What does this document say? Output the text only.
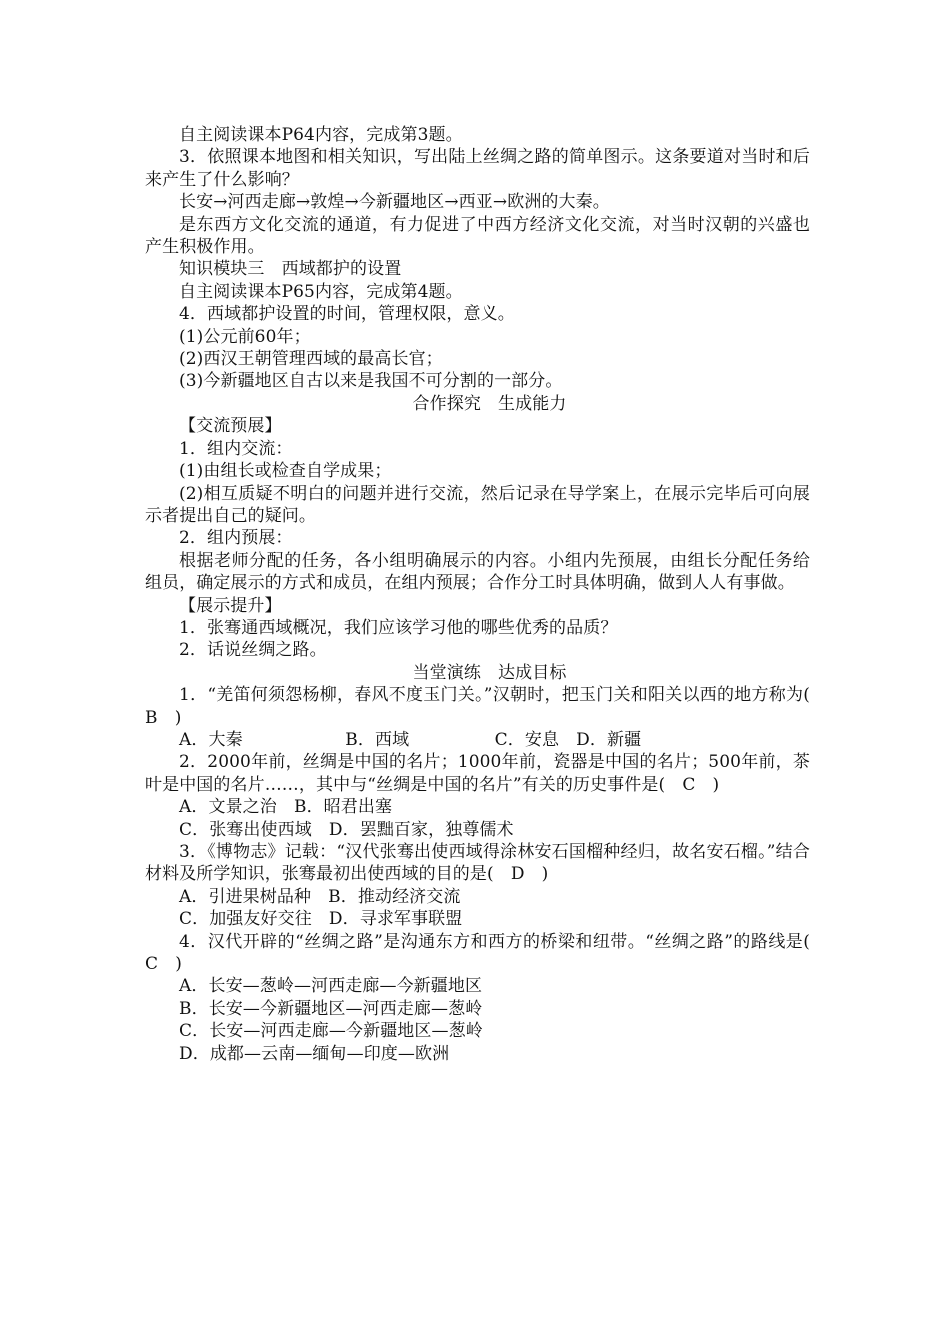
自主阅读课本P64内容，完成第3题。

3．依照课本地图和相关知识，写出陆上丝绸之路的简单图示。这条要道对当时和后来产生了什么影响？

长安→河西走廊→敦煌→今新疆地区→西亚→欧洲的大秦。

是东西方文化交流的通道，有力促进了中西方经济文化交流，对当时汉朝的兴盛也产生积极作用。

知识模块三　西域都护的设置

自主阅读课本P65内容，完成第4题。

4．西域都护设置的时间，管理权限，意义。

(1)公元前60年；

(2)西汉王朝管理西域的最高长官；

(3)今新疆地区自古以来是我国不可分割的一部分。

合作探究　生成能力

【交流预展】

1．组内交流：

(1)由组长或检查自学成果；

(2)相互质疑不明白的问题并进行交流，然后记录在导学案上，在展示完毕后可向展示者提出自己的疑问。

2．组内预展：

根据老师分配的任务，各小组明确展示的内容。小组内先预展，由组长分配任务给组员，确定展示的方式和成员，在组内预展；合作分工时具体明确，做到人人有事做。

【展示提升】

1．张骞通西域概况，我们应该学习他的哪些优秀的品质？

2．话说丝绸之路。

当堂演练　达成目标

1．“羌笛何须怨杨柳，春风不度玉门关。”汉朝时，把玉门关和阳关以西的地方称为(　B　)

A．大秦　　　　　　B．西域　　　　　C．安息　D．新疆

2．2000年前，丝绸是中国的名片；1000年前，瓷器是中国的名片；500年前，茶叶是中国的名片……，其中与“丝绸是中国的名片”有关的历史事件是(　C　)

A．文景之治　B．昭君出塞

C．张骞出使西域　D．罢黜百家，独尊儒术

3．《博物志》记载：“汉代张骞出使西域得涂林安石国榴种经归，故名安石榴。”结合材料及所学知识，张骞最初出使西域的目的是(　D　)

A．引进果树品种　B．推动经济交流

C．加强友好交往　D．寻求军事联盟

4．汉代开辟的“丝绸之路”是沟通东方和西方的桥梁和纽带。“丝绸之路”的路线是(　C　)

A．长安—葱岭—河西走廊—今新疆地区

B．长安—今新疆地区—河西走廊—葱岭

C．长安—河西走廊—今新疆地区—葱岭

D．成都—云南—缅甸—印度—欧洲
